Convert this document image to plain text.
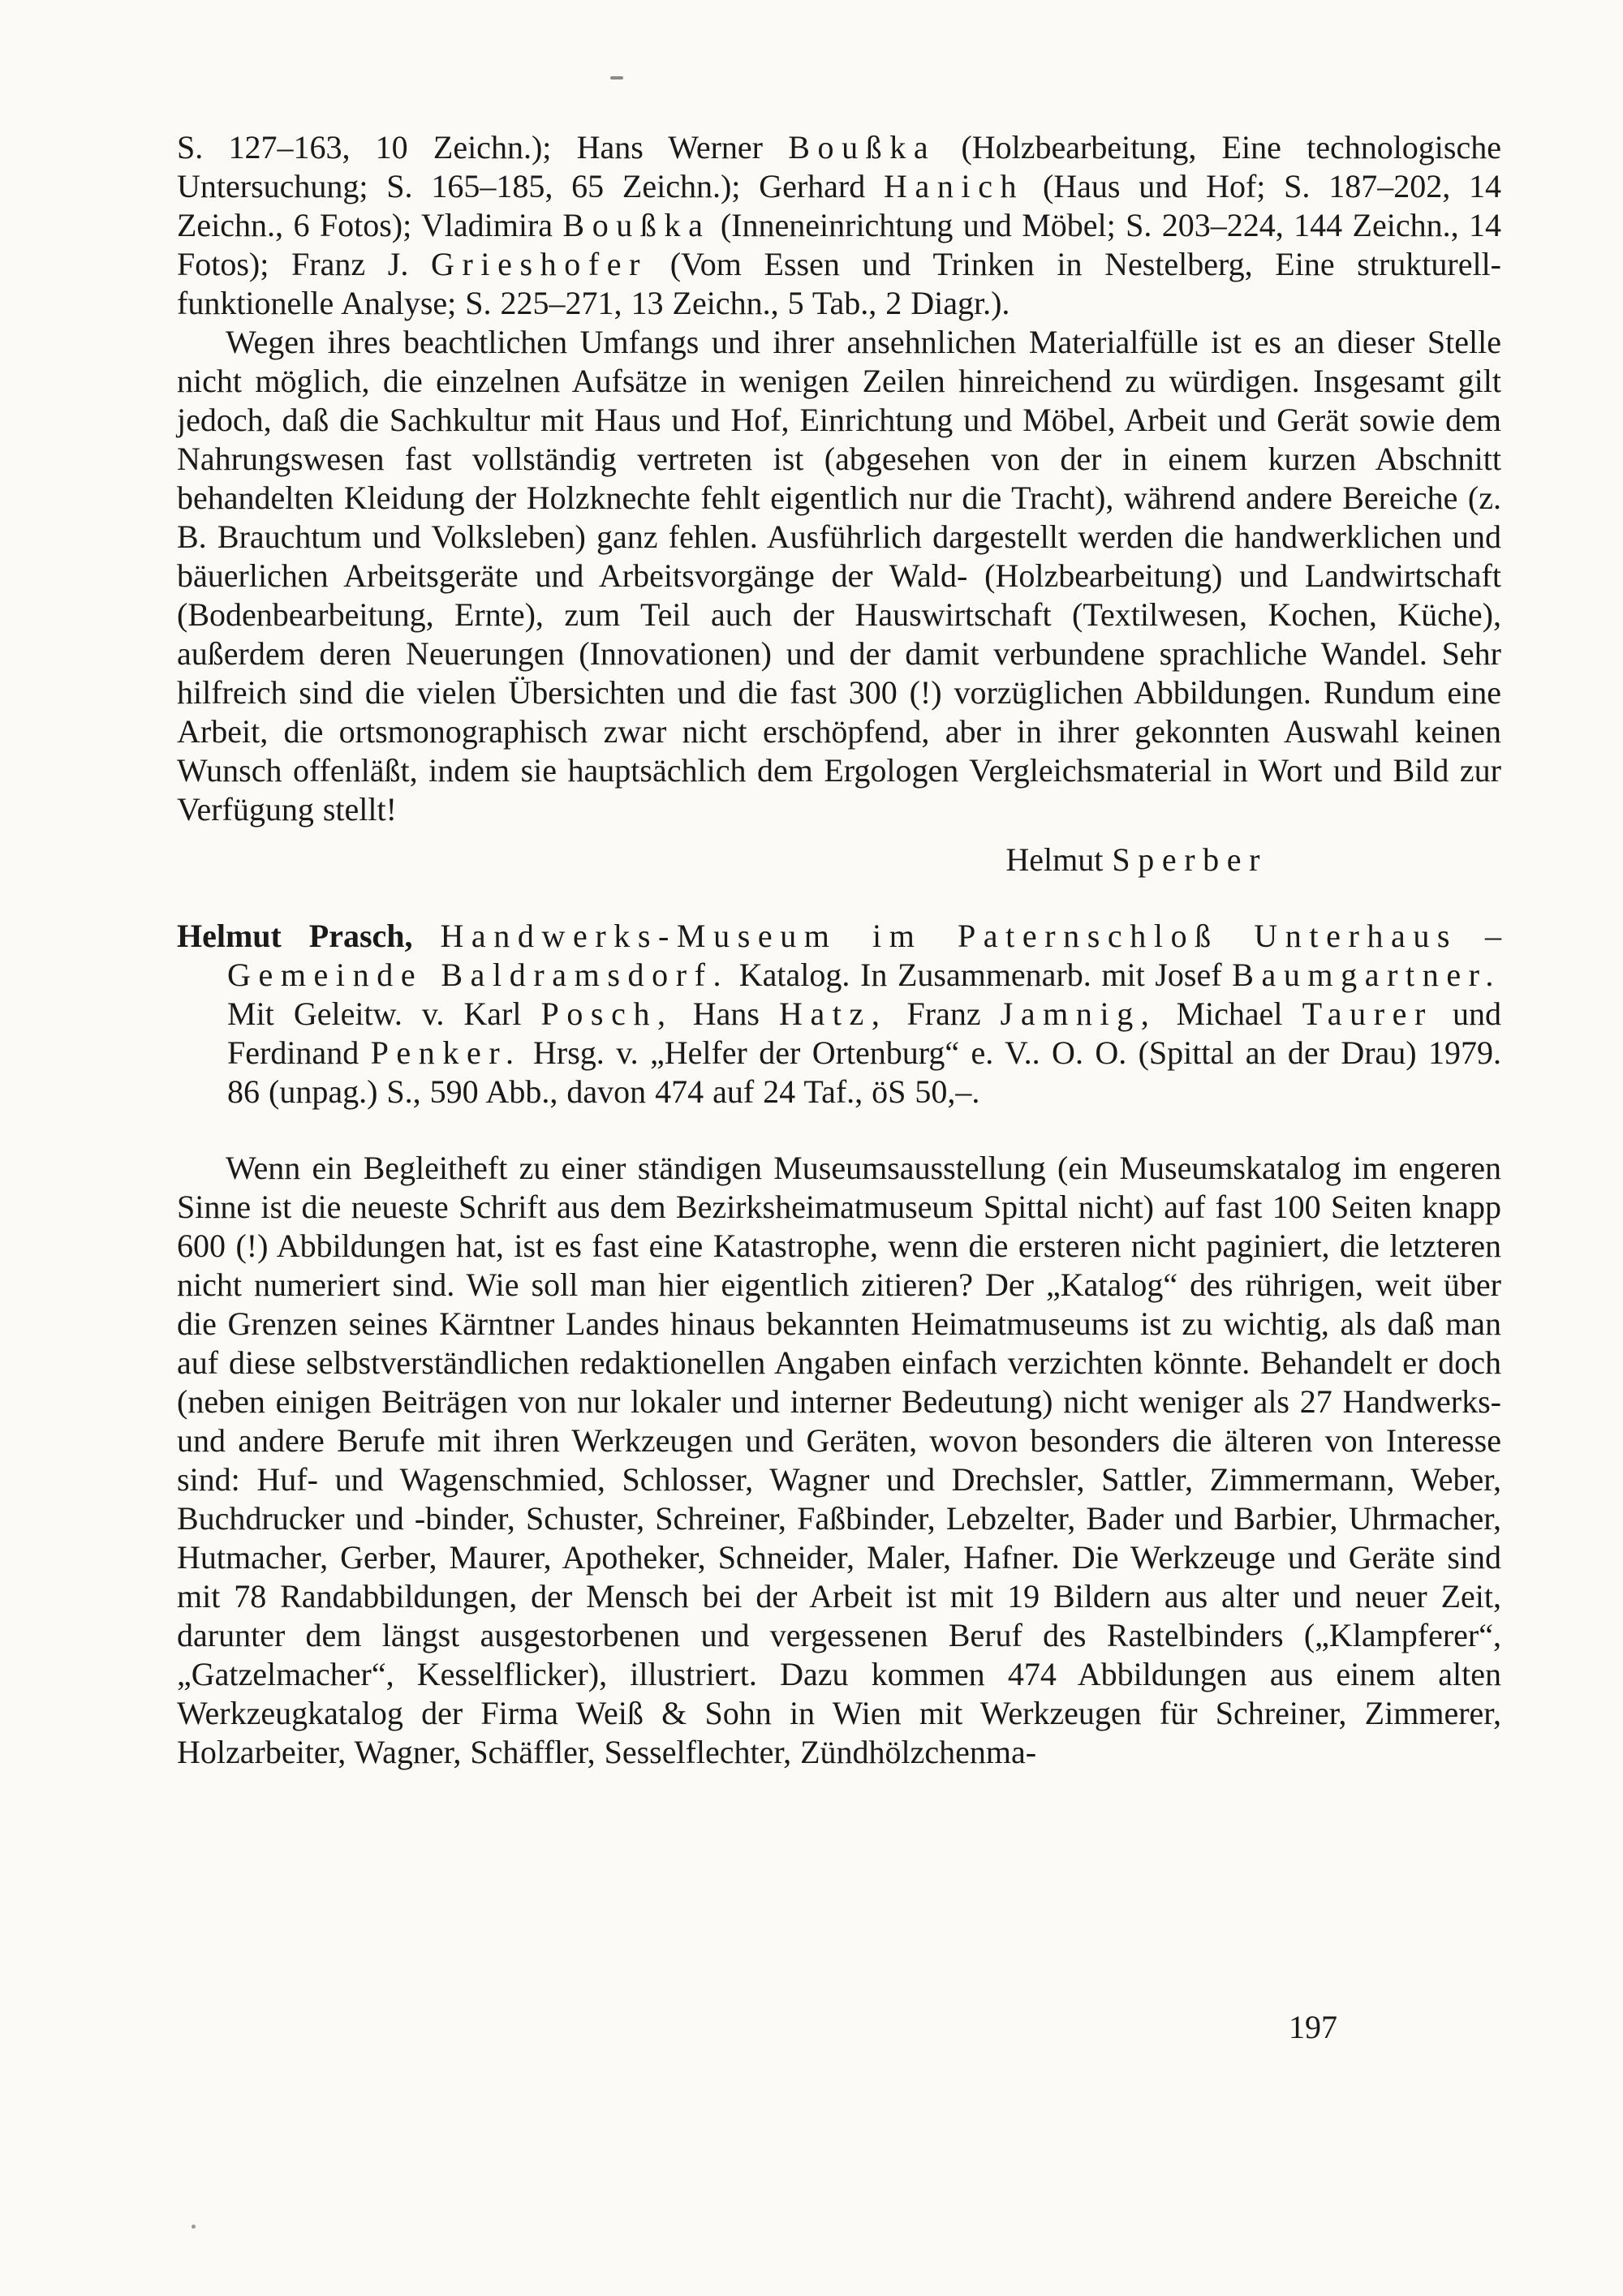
S. 127–163, 10 Zeichn.); Hans Werner Boußka (Holzbearbeitung, Eine technologische Untersuchung; S. 165–185, 65 Zeichn.); Gerhard Hanich (Haus und Hof; S. 187–202, 14 Zeichn., 6 Fotos); Vladimira Boußka (Inneneinrichtung und Möbel; S. 203–224, 144 Zeichn., 14 Fotos); Franz J. Grieshofer (Vom Essen und Trinken in Nestelberg, Eine strukturell-funktionelle Analyse; S. 225–271, 13 Zeichn., 5 Tab., 2 Diagr.).

Wegen ihres beachtlichen Umfangs und ihrer ansehnlichen Materialfülle ist es an dieser Stelle nicht möglich, die einzelnen Aufsätze in wenigen Zeilen hinreichend zu würdigen. Insgesamt gilt jedoch, daß die Sachkultur mit Haus und Hof, Einrichtung und Möbel, Arbeit und Gerät sowie dem Nahrungswesen fast vollständig vertreten ist (abgesehen von der in einem kurzen Abschnitt behandelten Kleidung der Holzknechte fehlt eigentlich nur die Tracht), während andere Bereiche (z. B. Brauchtum und Volksleben) ganz fehlen. Ausführlich dargestellt werden die handwerklichen und bäuerlichen Arbeitsgeräte und Arbeitsvorgänge der Wald- (Holzbearbeitung) und Landwirtschaft (Bodenbearbeitung, Ernte), zum Teil auch der Hauswirtschaft (Textilwesen, Kochen, Küche), außerdem deren Neuerungen (Innovationen) und der damit verbundene sprachliche Wandel. Sehr hilfreich sind die vielen Übersichten und die fast 300 (!) vorzüglichen Abbildungen. Rundum eine Arbeit, die ortsmonographisch zwar nicht erschöpfend, aber in ihrer gekonnten Auswahl keinen Wunsch offenläßt, indem sie hauptsächlich dem Ergologen Vergleichsmaterial in Wort und Bild zur Verfügung stellt!

Helmut Sperber

Helmut Prasch, Handwerks-Museum im Paternschloß Unterhaus – Gemeinde Baldramsdorf. Katalog. In Zusammenarb. mit Josef Baumgartner. Mit Geleitw. v. Karl Posch, Hans Hatz, Franz Jamnig, Michael Taurer und Ferdinand Penker. Hrsg. v. „Helfer der Ortenburg“ e. V.. O. O. (Spittal an der Drau) 1979. 86 (unpag.) S., 590 Abb., davon 474 auf 24 Taf., öS 50,–.

Wenn ein Begleitheft zu einer ständigen Museumsausstellung (ein Museumskatalog im engeren Sinne ist die neueste Schrift aus dem Bezirksheimatmuseum Spittal nicht) auf fast 100 Seiten knapp 600 (!) Abbildungen hat, ist es fast eine Katastrophe, wenn die ersteren nicht paginiert, die letzteren nicht numeriert sind. Wie soll man hier eigentlich zitieren? Der „Katalog“ des rührigen, weit über die Grenzen seines Kärntner Landes hinaus bekannten Heimatmuseums ist zu wichtig, als daß man auf diese selbstverständlichen redaktionellen Angaben einfach verzichten könnte. Behandelt er doch (neben einigen Beiträgen von nur lokaler und interner Bedeutung) nicht weniger als 27 Handwerks- und andere Berufe mit ihren Werkzeugen und Geräten, wovon besonders die älteren von Interesse sind: Huf- und Wagenschmied, Schlosser, Wagner und Drechsler, Sattler, Zimmermann, Weber, Buchdrucker und -binder, Schuster, Schreiner, Faßbinder, Lebzelter, Bader und Barbier, Uhrmacher, Hutmacher, Gerber, Maurer, Apotheker, Schneider, Maler, Hafner. Die Werkzeuge und Geräte sind mit 78 Randabbildungen, der Mensch bei der Arbeit ist mit 19 Bildern aus alter und neuer Zeit, darunter dem längst ausgestorbenen und vergessenen Beruf des Rastelbinders („Klampferer“, „Gatzelmacher“, Kesselflicker), illustriert. Dazu kommen 474 Abbildungen aus einem alten Werkzeugkatalog der Firma Weiß & Sohn in Wien mit Werkzeugen für Schreiner, Zimmerer, Holzarbeiter, Wagner, Schäffler, Sesselflechter, Zündhölzchenma-

197
